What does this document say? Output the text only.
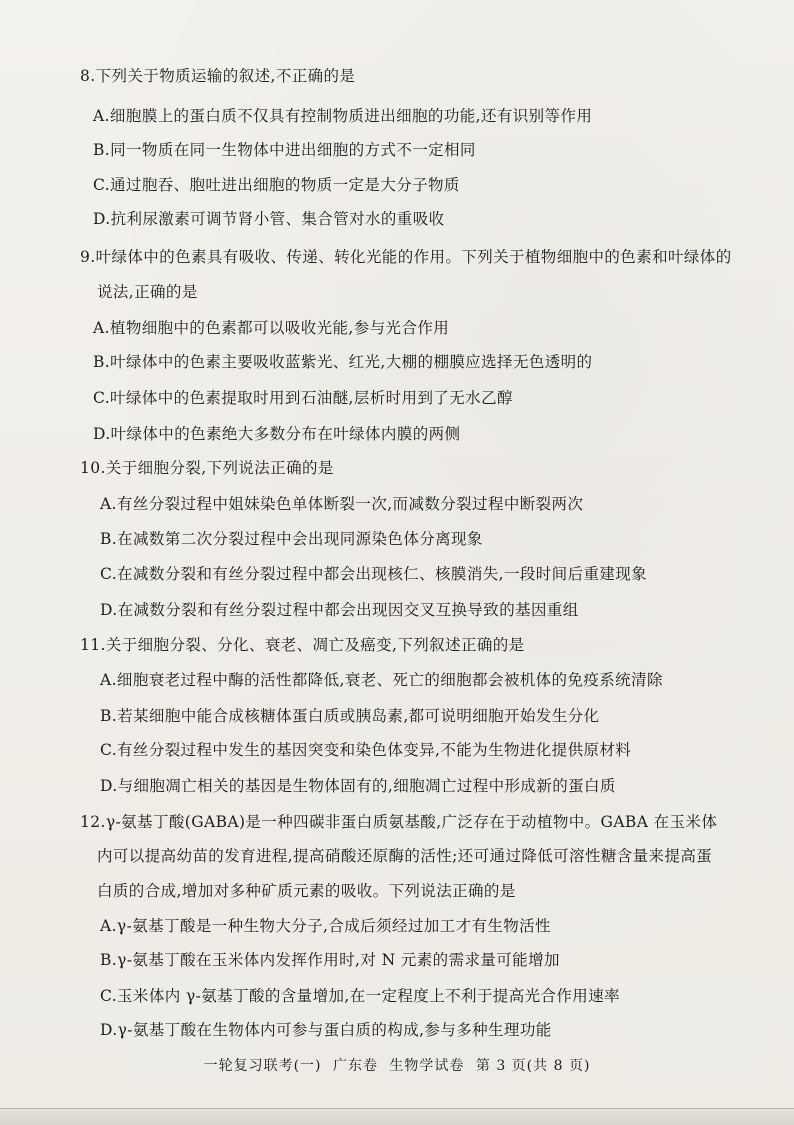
8.下列关于物质运输的叙述,不正确的是
A.细胞膜上的蛋白质不仅具有控制物质进出细胞的功能,还有识别等作用
B.同一物质在同一生物体中进出细胞的方式不一定相同
C.通过胞吞、胞吐进出细胞的物质一定是大分子物质
D.抗利尿激素可调节肾小管、集合管对水的重吸收
9.叶绿体中的色素具有吸收、传递、转化光能的作用。下列关于植物细胞中的色素和叶绿体的
说法,正确的是
A.植物细胞中的色素都可以吸收光能,参与光合作用
B.叶绿体中的色素主要吸收蓝紫光、红光,大棚的棚膜应选择无色透明的
C.叶绿体中的色素提取时用到石油醚,层析时用到了无水乙醇
D.叶绿体中的色素绝大多数分布在叶绿体内膜的两侧
10.关于细胞分裂,下列说法正确的是
A.有丝分裂过程中姐妹染色单体断裂一次,而减数分裂过程中断裂两次
B.在减数第二次分裂过程中会出现同源染色体分离现象
C.在减数分裂和有丝分裂过程中都会出现核仁、核膜消失,一段时间后重建现象
D.在减数分裂和有丝分裂过程中都会出现因交叉互换导致的基因重组
11.关于细胞分裂、分化、衰老、凋亡及癌变,下列叙述正确的是
A.细胞衰老过程中酶的活性都降低,衰老、死亡的细胞都会被机体的免疫系统清除
B.若某细胞中能合成核糖体蛋白质或胰岛素,都可说明细胞开始发生分化
C.有丝分裂过程中发生的基因突变和染色体变异,不能为生物进化提供原材料
D.与细胞凋亡相关的基因是生物体固有的,细胞凋亡过程中形成新的蛋白质
12.γ-氨基丁酸(GABA)是一种四碳非蛋白质氨基酸,广泛存在于动植物中。GABA 在玉米体
内可以提高幼苗的发育进程,提高硝酸还原酶的活性;还可通过降低可溶性糖含量来提高蛋
白质的合成,增加对多种矿质元素的吸收。下列说法正确的是
A.γ-氨基丁酸是一种生物大分子,合成后须经过加工才有生物活性
B.γ-氨基丁酸在玉米体内发挥作用时,对 N 元素的需求量可能增加
C.玉米体内 γ-氨基丁酸的含量增加,在一定程度上不利于提高光合作用速率
D.γ-氨基丁酸在生物体内可参与蛋白质的构成,参与多种生理功能
一轮复习联考(一) 广东卷 生物学试卷 第 3 页(共 8 页)
